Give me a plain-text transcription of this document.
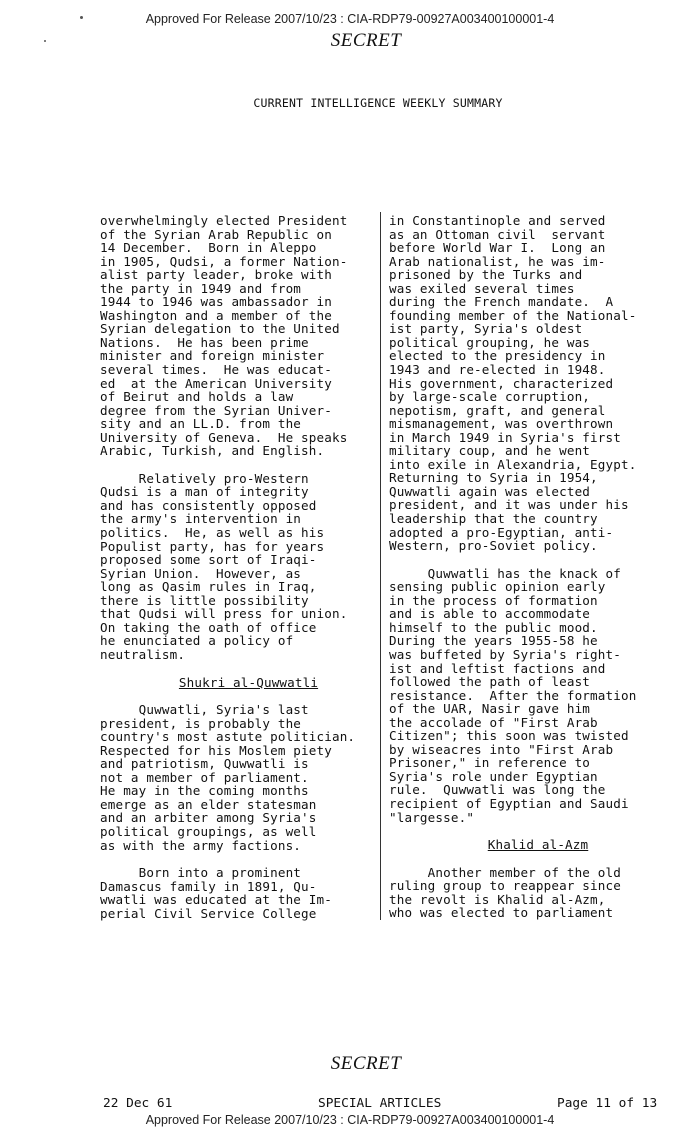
Approved For Release 2007/10/23 : CIA-RDP79-00927A003400100001-4
SECRET
CURRENT INTELLIGENCE WEEKLY SUMMARY
overwhelmingly elected President
of the Syrian Arab Republic on
14 December.  Born in Aleppo
in 1905, Qudsi, a former Nation-
alist party leader, broke with
the party in 1949 and from
1944 to 1946 was ambassador in
Washington and a member of the
Syrian delegation to the United
Nations.  He has been prime
minister and foreign minister
several times.  He was educat-
ed  at the American University
of Beirut and holds a law
degree from the Syrian Univer-
sity and an LL.D. from the
University of Geneva.  He speaks
Arabic, Turkish, and English.
Relatively pro-Western
Qudsi is a man of integrity
and has consistently opposed
the army's intervention in
politics.  He, as well as his
Populist party, has for years
proposed some sort of Iraqi-
Syrian Union.  However, as
long as Qasim rules in Iraq,
there is little possibility
that Qudsi will press for union.
On taking the oath of office
he enunciated a policy of
neutralism.
Shukri al-Quwwatli
Quwwatli, Syria's last
president, is probably the
country's most astute politician.
Respected for his Moslem piety
and patriotism, Quwwatli is
not a member of parliament.
He may in the coming months
emerge as an elder statesman
and an arbiter among Syria's
political groupings, as well
as with the army factions.
Born into a prominent
Damascus family in 1891, Qu-
wwatli was educated at the Im-
perial Civil Service College
in Constantinople and served
as an Ottoman civil  servant
before World War I.  Long an
Arab nationalist, he was im-
prisoned by the Turks and
was exiled several times
during the French mandate.  A
founding member of the National-
ist party, Syria's oldest
political grouping, he was
elected to the presidency in
1943 and re-elected in 1948.
His government, characterized
by large-scale corruption,
nepotism, graft, and general
mismanagement, was overthrown
in March 1949 in Syria's first
military coup, and he went
into exile in Alexandria, Egypt.
Returning to Syria in 1954,
Quwwatli again was elected
president, and it was under his
leadership that the country
adopted a pro-Egyptian, anti-
Western, pro-Soviet policy.
Quwwatli has the knack of
sensing public opinion early
in the process of formation
and is able to accommodate
himself to the public mood.
During the years 1955-58 he
was buffeted by Syria's right-
ist and leftist factions and
followed the path of least
resistance.  After the formation
of the UAR, Nasir gave him
the accolade of "First Arab
Citizen"; this soon was twisted
by wiseacres into "First Arab
Prisoner," in reference to
Syria's role under Egyptian
rule.  Quwwatli was long the
recipient of Egyptian and Saudi
"largesse."
Khalid al-Azm
Another member of the old
ruling group to reappear since
the revolt is Khalid al-Azm,
who was elected to parliament
SECRET
22 Dec 61	SPECIAL ARTICLES	Page 11 of 13
Approved For Release 2007/10/23 : CIA-RDP79-00927A003400100001-4
